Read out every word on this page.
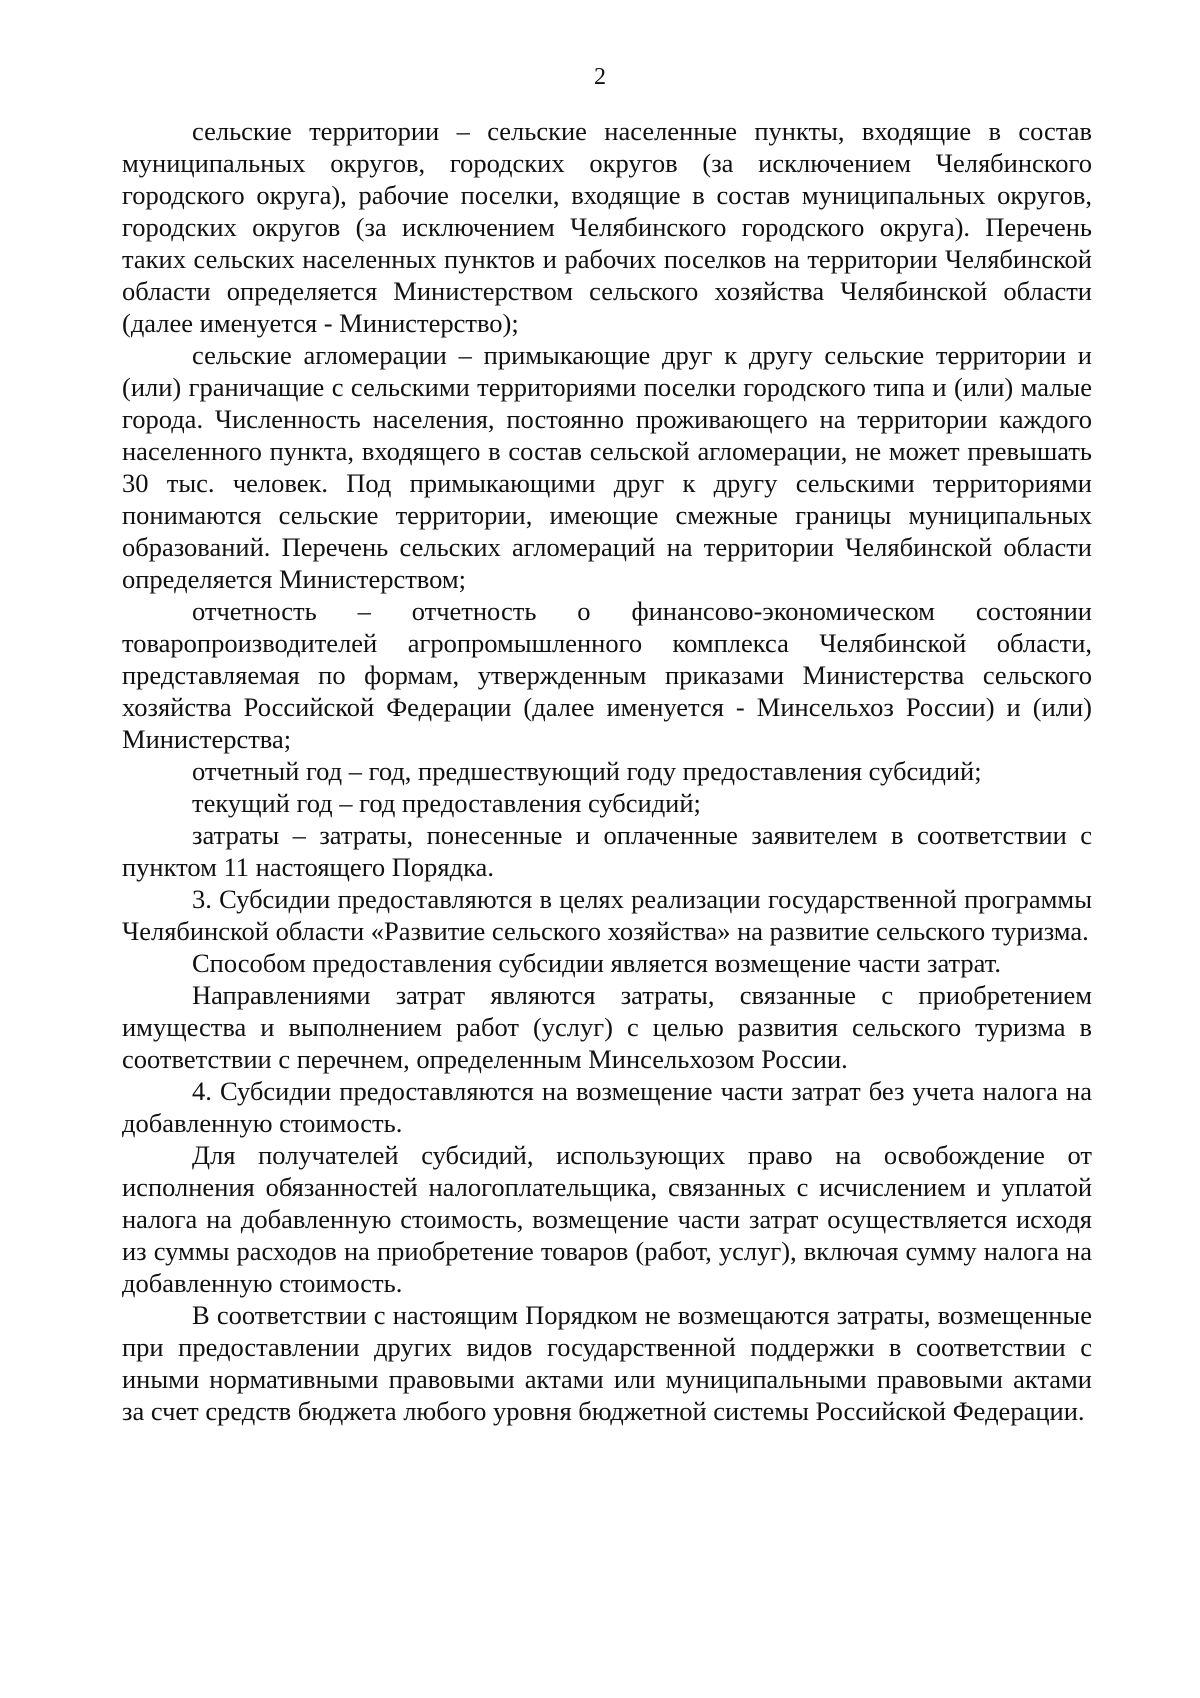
2

сельские территории – сельские населенные пункты, входящие в состав муниципальных округов, городских округов (за исключением Челябинского городского округа), рабочие поселки, входящие в состав муниципальных округов, городских округов (за исключением Челябинского городского округа). Перечень таких сельских населенных пунктов и рабочих поселков на территории Челябинской области определяется Министерством сельского хозяйства Челябинской области (далее именуется - Министерство);

сельские агломерации – примыкающие друг к другу сельские территории и (или) граничащие с сельскими территориями поселки городского типа и (или) малые города. Численность населения, постоянно проживающего на территории каждого населенного пункта, входящего в состав сельской агломерации, не может превышать 30 тыс. человек. Под примыкающими друг к другу сельскими территориями понимаются сельские территории, имеющие смежные границы муниципальных образований. Перечень сельских агломераций на территории Челябинской области определяется Министерством;

отчетность – отчетность о финансово-экономическом состоянии товаропроизводителей агропромышленного комплекса Челябинской области, представляемая по формам, утвержденным приказами Министерства сельского хозяйства Российской Федерации (далее именуется - Минсельхоз России) и (или) Министерства;

отчетный год – год, предшествующий году предоставления субсидий;

текущий год – год предоставления субсидий;

затраты – затраты, понесенные и оплаченные заявителем в соответствии с пунктом 11 настоящего Порядка.

3. Субсидии предоставляются в целях реализации государственной программы Челябинской области «Развитие сельского хозяйства» на развитие сельского туризма.

Способом предоставления субсидии является возмещение части затрат.

Направлениями затрат являются затраты, связанные с приобретением имущества и выполнением работ (услуг) с целью развития сельского туризма в соответствии с перечнем, определенным Минсельхозом России.

4. Субсидии предоставляются на возмещение части затрат без учета налога на добавленную стоимость.

Для получателей субсидий, использующих право на освобождение от исполнения обязанностей налогоплательщика, связанных с исчислением и уплатой налога на добавленную стоимость, возмещение части затрат осуществляется исходя из суммы расходов на приобретение товаров (работ, услуг), включая сумму налога на добавленную стоимость.

В соответствии с настоящим Порядком не возмещаются затраты, возмещенные при предоставлении других видов государственной поддержки в соответствии с иными нормативными правовыми актами или муниципальными правовыми актами за счет средств бюджета любого уровня бюджетной системы Российской Федерации.
